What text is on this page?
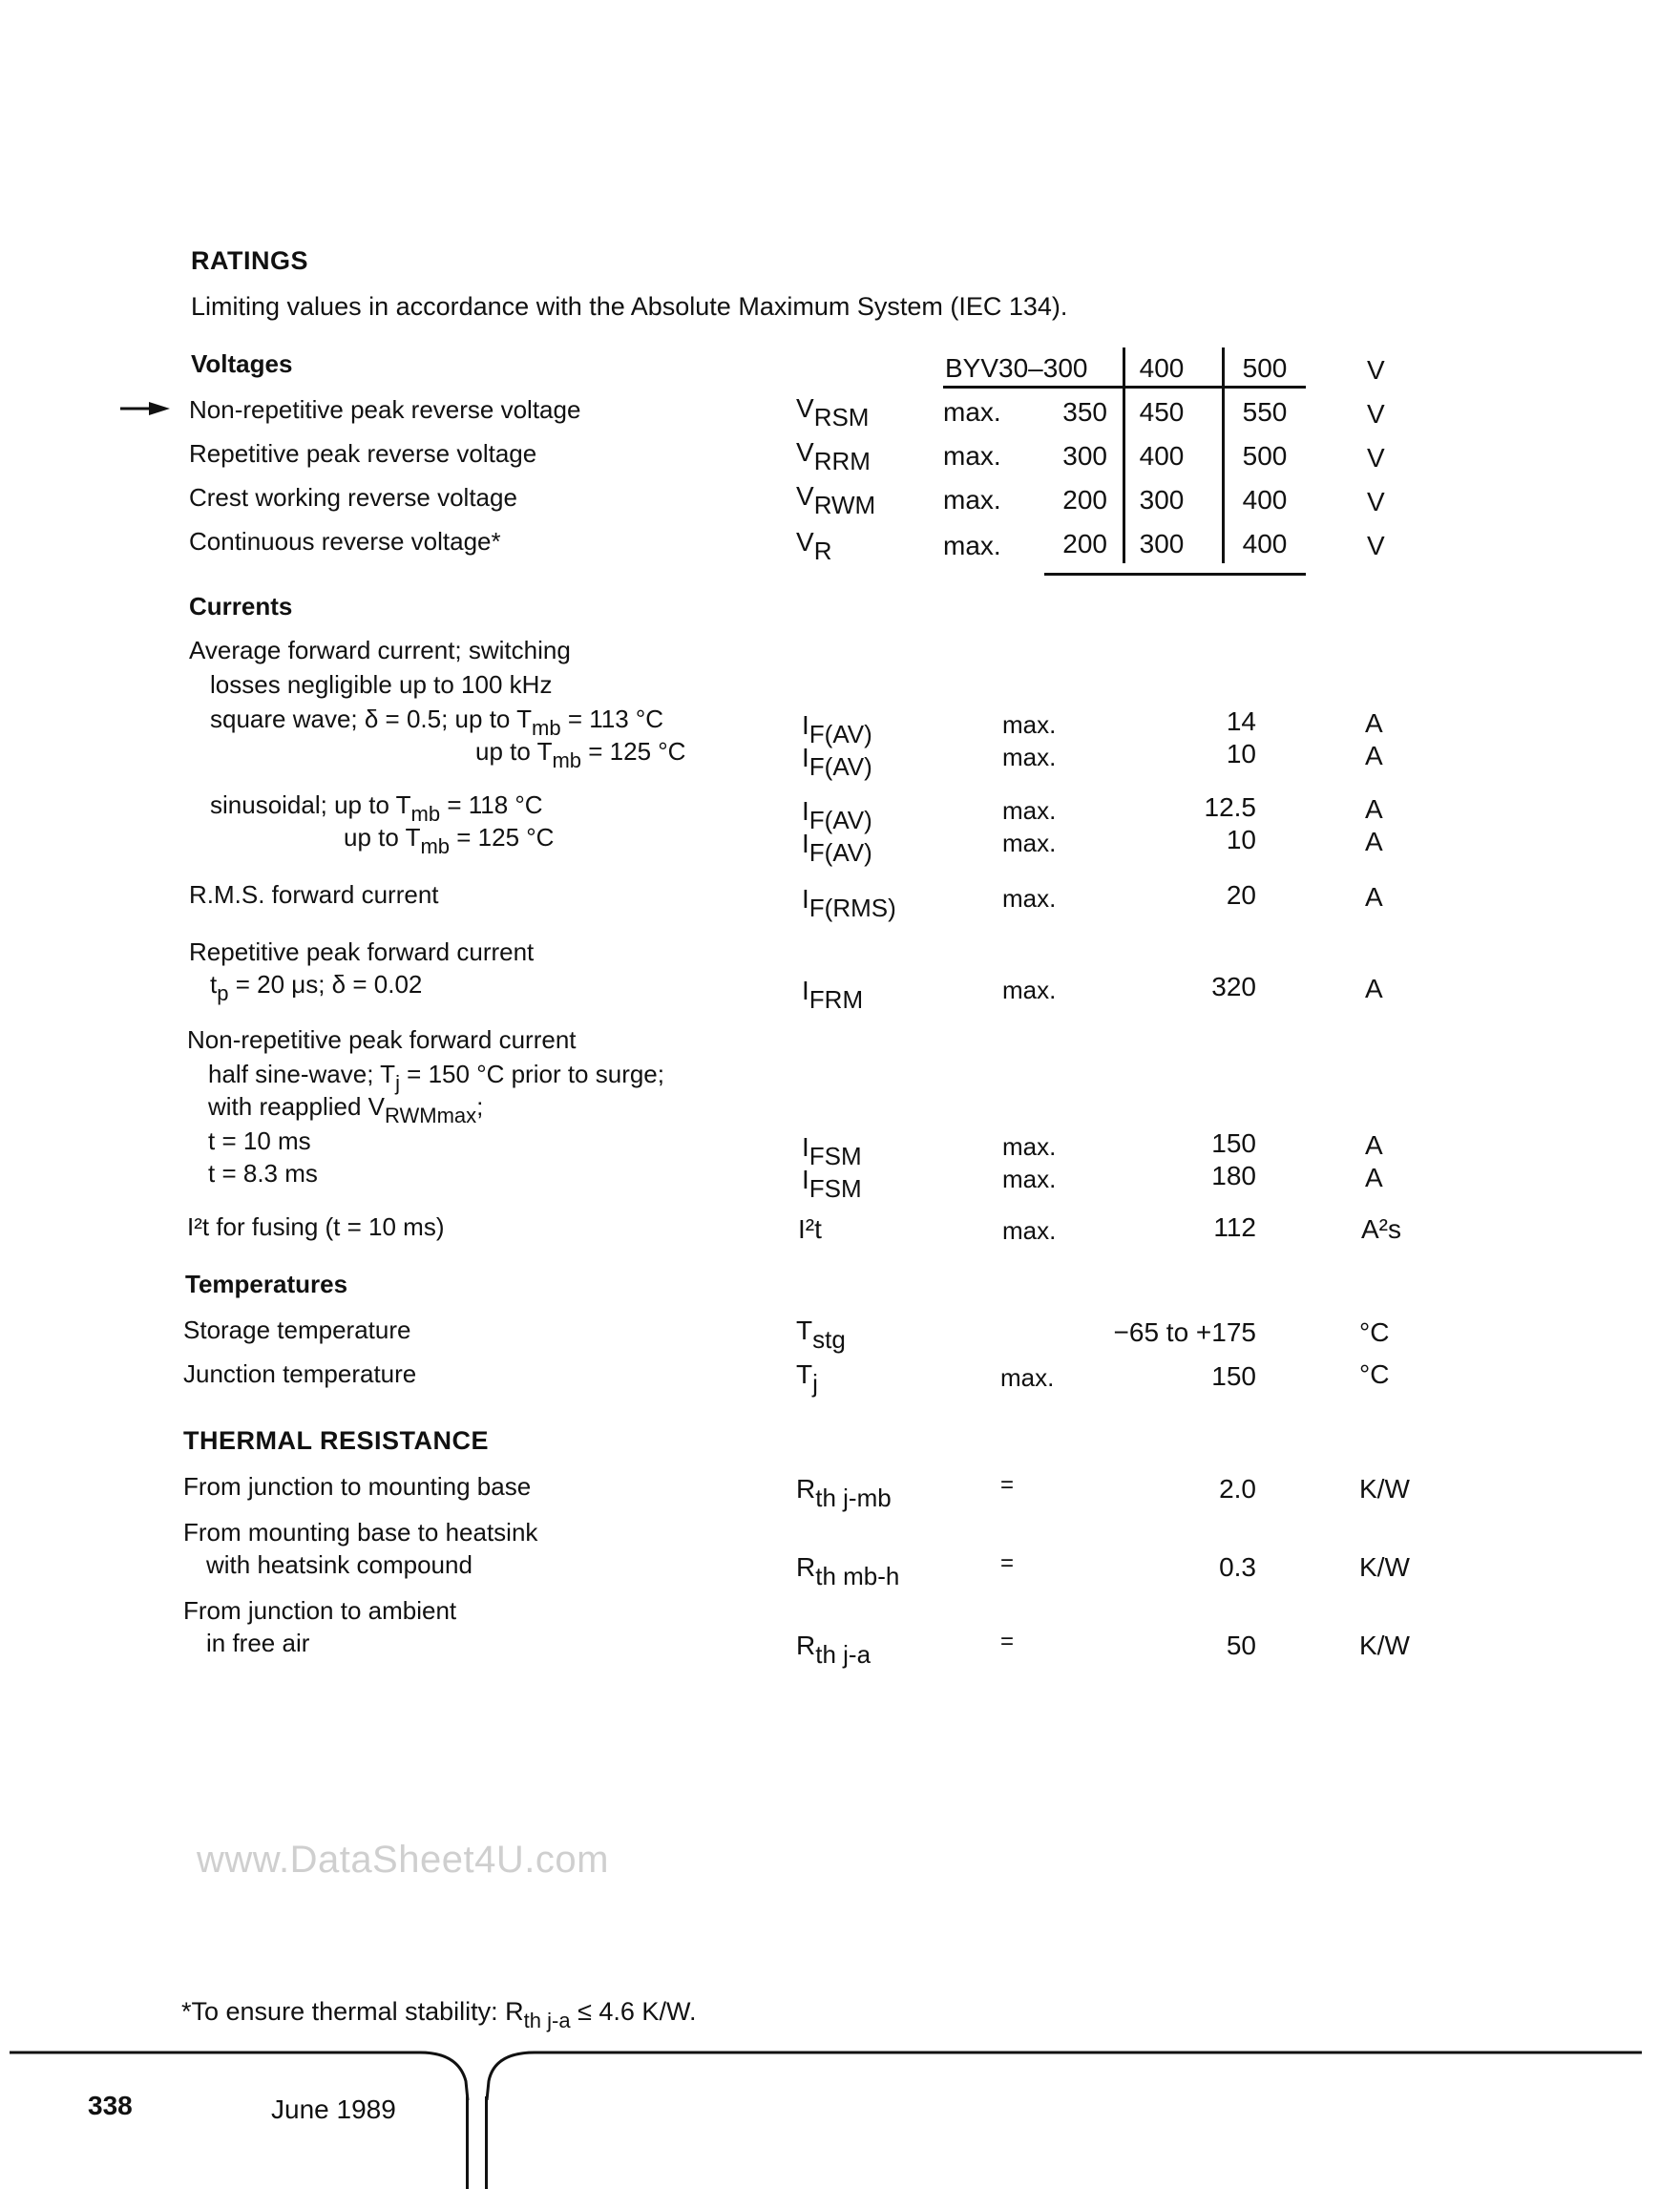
RATINGS
Limiting values in accordance with the Absolute Maximum System (IEC 134).
Voltages	BYV30–300	400	500	V
Non-repetitive peak reverse voltage	VRSM	max.	350	450	550	V
Repetitive peak reverse voltage	VRRM	max.	300	400	500	V
Crest working reverse voltage	VRWM	max.	200	300	400	V
Continuous reverse voltage*	VR	max.	200	300	400	V
Currents
Average forward current; switching
losses negligible up to 100 kHz
square wave; δ = 0.5; up to $T_{mb} = 113$ °C	IF(AV)	max.	14	A
up to $T_{mb} = 125$ °C	IF(AV)	max.	10	A
sinusoidal; up to $T_{mb} = 118$ °C	IF(AV)	max.	12.5	A
up to $T_{mb} = 125$ °C	IF(AV)	max.	10	A
R.M.S. forward current	IF(RMS)	max.	20	A
Repetitive peak forward current
$t_p = 20$ μs; δ = 0.02	IFRM	max.	320	A
Non-repetitive peak forward current
half sine-wave; $T_j = 150$ °C prior to surge;
with reapplied $V_{RWMmax}$;
t = 10 ms	IFSM	max.	150	A
t = 8.3 ms	IFSM	max.	180	A
I²t for fusing (t = 10 ms)	I²t	max.	112	A²s
Temperatures
Storage temperature	Tstg	−65 to +175	°C
Junction temperature	Tj	max.	150	°C
THERMAL RESISTANCE
From junction to mounting base	Rth j-mb	=	2.0	K/W
From mounting base to heatsink
with heatsink compound	Rth mb-h	=	0.3	K/W
From junction to ambient
in free air	Rth j-a	=	50	K/W
www.DataSheet4U.com
*To ensure thermal stability: $R_{th j-a} \le 4.6$ K/W.
338	June 1989
